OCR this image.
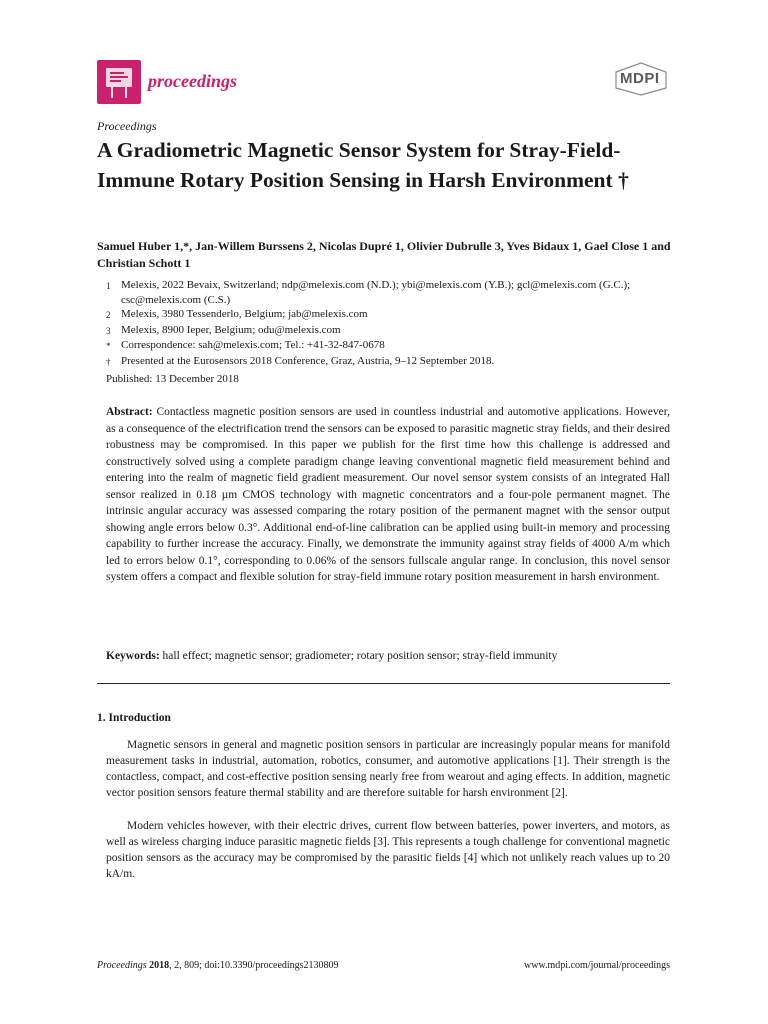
proceedings	MDPI
Proceedings
A Gradiometric Magnetic Sensor System for Stray-Field-Immune Rotary Position Sensing in Harsh Environment †
Samuel Huber 1,*, Jan-Willem Burssens 2, Nicolas Dupré 1, Olivier Dubrulle 3, Yves Bidaux 1, Gael Close 1 and Christian Schott 1
1 Melexis, 2022 Bevaix, Switzerland; ndp@melexis.com (N.D.); ybi@melexis.com (Y.B.); gcl@melexis.com (G.C.); csc@melexis.com (C.S.)
2 Melexis, 3980 Tessenderlo, Belgium; jab@melexis.com
3 Melexis, 8900 Ieper, Belgium; odu@melexis.com
* Correspondence: sah@melexis.com; Tel.: +41-32-847-0678
† Presented at the Eurosensors 2018 Conference, Graz, Austria, 9–12 September 2018.
Published: 13 December 2018

Abstract: Contactless magnetic position sensors are used in countless industrial and automotive applications. However, as a consequence of the electrification trend the sensors can be exposed to parasitic magnetic stray fields, and their desired robustness may be compromised. In this paper we publish for the first time how this challenge is addressed and constructively solved using a complete paradigm change leaving conventional magnetic field measurement behind and entering into the realm of magnetic field gradient measurement. Our novel sensor system consists of an integrated Hall sensor realized in 0.18 µm CMOS technology with magnetic concentrators and a four-pole permanent magnet. The intrinsic angular accuracy was assessed comparing the rotary position of the permanent magnet with the sensor output showing angle errors below 0.3°. Additional end-of-line calibration can be applied using built-in memory and processing capability to further increase the accuracy. Finally, we demonstrate the immunity against stray fields of 4000 A/m which led to errors below 0.1°, corresponding to 0.06% of the sensors fullscale angular range. In conclusion, this novel sensor system offers a compact and flexible solution for stray-field immune rotary position measurement in harsh environment.

Keywords: hall effect; magnetic sensor; gradiometer; rotary position sensor; stray-field immunity

1. Introduction

Magnetic sensors in general and magnetic position sensors in particular are increasingly popular means for manifold measurement tasks in industrial, automation, robotics, consumer, and automotive applications [1]. Their strength is the contactless, compact, and cost-effective position sensing nearly free from wearout and aging effects. In addition, magnetic vector position sensors feature thermal stability and are therefore suitable for harsh environment [2].

Modern vehicles however, with their electric drives, current flow between batteries, power inverters, and motors, as well as wireless charging induce parasitic magnetic fields [3]. This represents a tough challenge for conventional magnetic position sensors as the accuracy may be compromised by the parasitic fields [4] which not unlikely reach values up to 20 kA/m.

Proceedings 2018, 2, 809; doi:10.3390/proceedings2130809	www.mdpi.com/journal/proceedings
